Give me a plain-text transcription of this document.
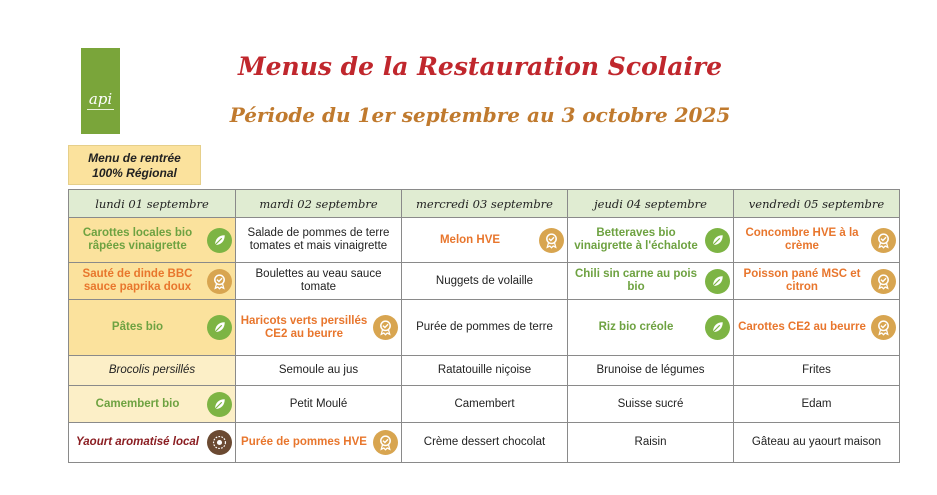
api
Menus de la Restauration Scolaire
Période du 1er septembre au 3 octobre 2025
Menu de rentrée
100% Régional
lundi 01 septembre	mardi 02 septembre	mercredi 03 septembre	jeudi 04 septembre	vendredi 05 septembre

Carottes locales bio râpées vinaigrette	Salade de pommes de terre tomates et mais vinaigrette	Melon HVE	Betteraves bio vinaigrette à l'échalote	Concombre HVE à la crème

Sauté de dinde BBC sauce paprika doux	Boulettes au veau sauce tomate	Nuggets de volaille	Chili sin carne au pois bio	Poisson pané MSC et citron

Pâtes bio	Haricots verts persillés CE2 au beurre	Purée de pommes de terre	Riz bio créole	Carottes CE2 au beurre

Brocolis persillés	Semoule au jus	Ratatouille niçoise	Brunoise de légumes	Frites

Camembert bio	Petit Moulé	Camembert	Suisse sucré	Edam

Yaourt aromatisé local	Purée de pommes HVE	Crème dessert chocolat	Raisin	Gâteau au yaourt maison
